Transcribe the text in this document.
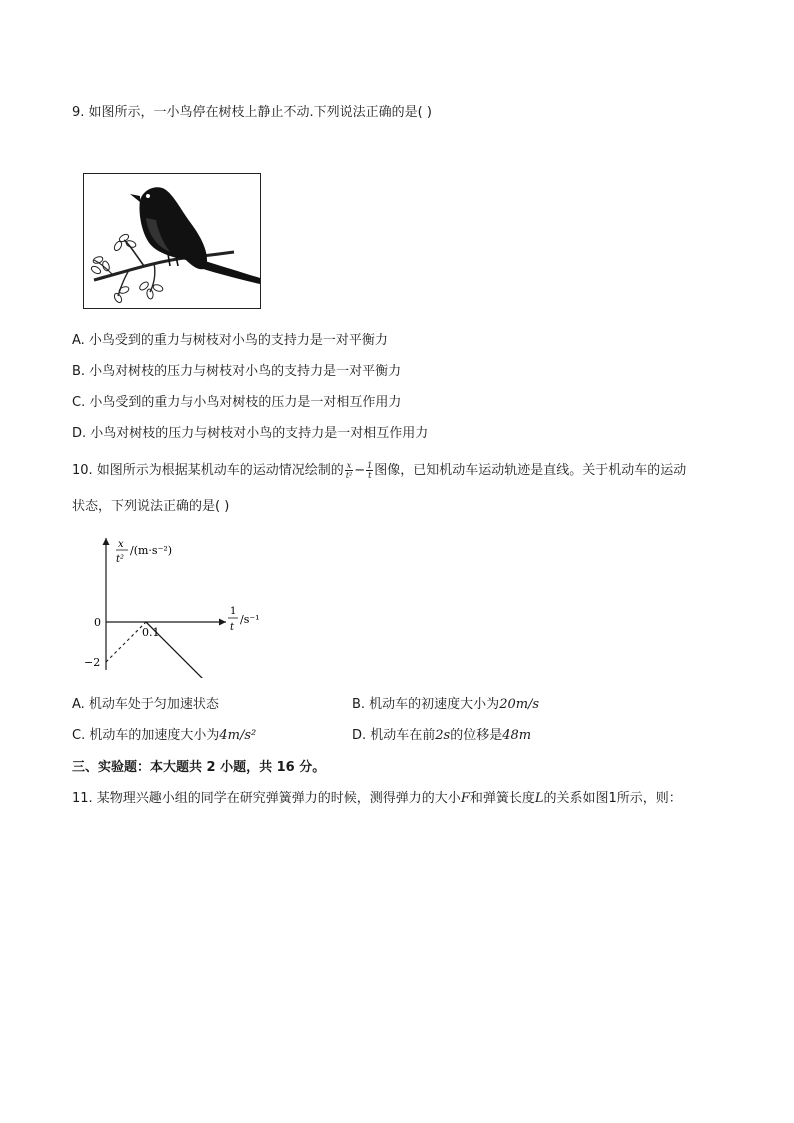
9. 如图所示，一小鸟停在树枝上静止不动.下列说法正确的是( )
A. 小鸟受到的重力与树枝对小鸟的支持力是一对平衡力
B. 小鸟对树枝的压力与树枝对小鸟的支持力是一对平衡力
C. 小鸟受到的重力与小鸟对树枝的压力是一对相互作用力
D. 小鸟对树枝的压力与树枝对小鸟的支持力是一对相互作用力
10. 如图所示为根据某机动车的运动情况绘制的 $\frac{x}{\text{t²}} - \frac{1}{t}$ 图像，已知机动车运动轨迹是直线。关于机动车的运动
状态，下列说法正确的是( )
x
t²
/(m·s⁻²)
1
t
/s⁻¹
0
0.1
−2
A. 机动车处于匀加速状态	B. 机动车的初速度大小为20m/s
C. 机动车的加速度大小为4m/s²	D. 机动车在前2s的位移是48m
三、实验题：本大题共 2 小题，共 16 分。
11. 某物理兴趣小组的同学在研究弹簧弹力的时候，测得弹力的大小F和弹簧长度L的关系如图1所示，则：
